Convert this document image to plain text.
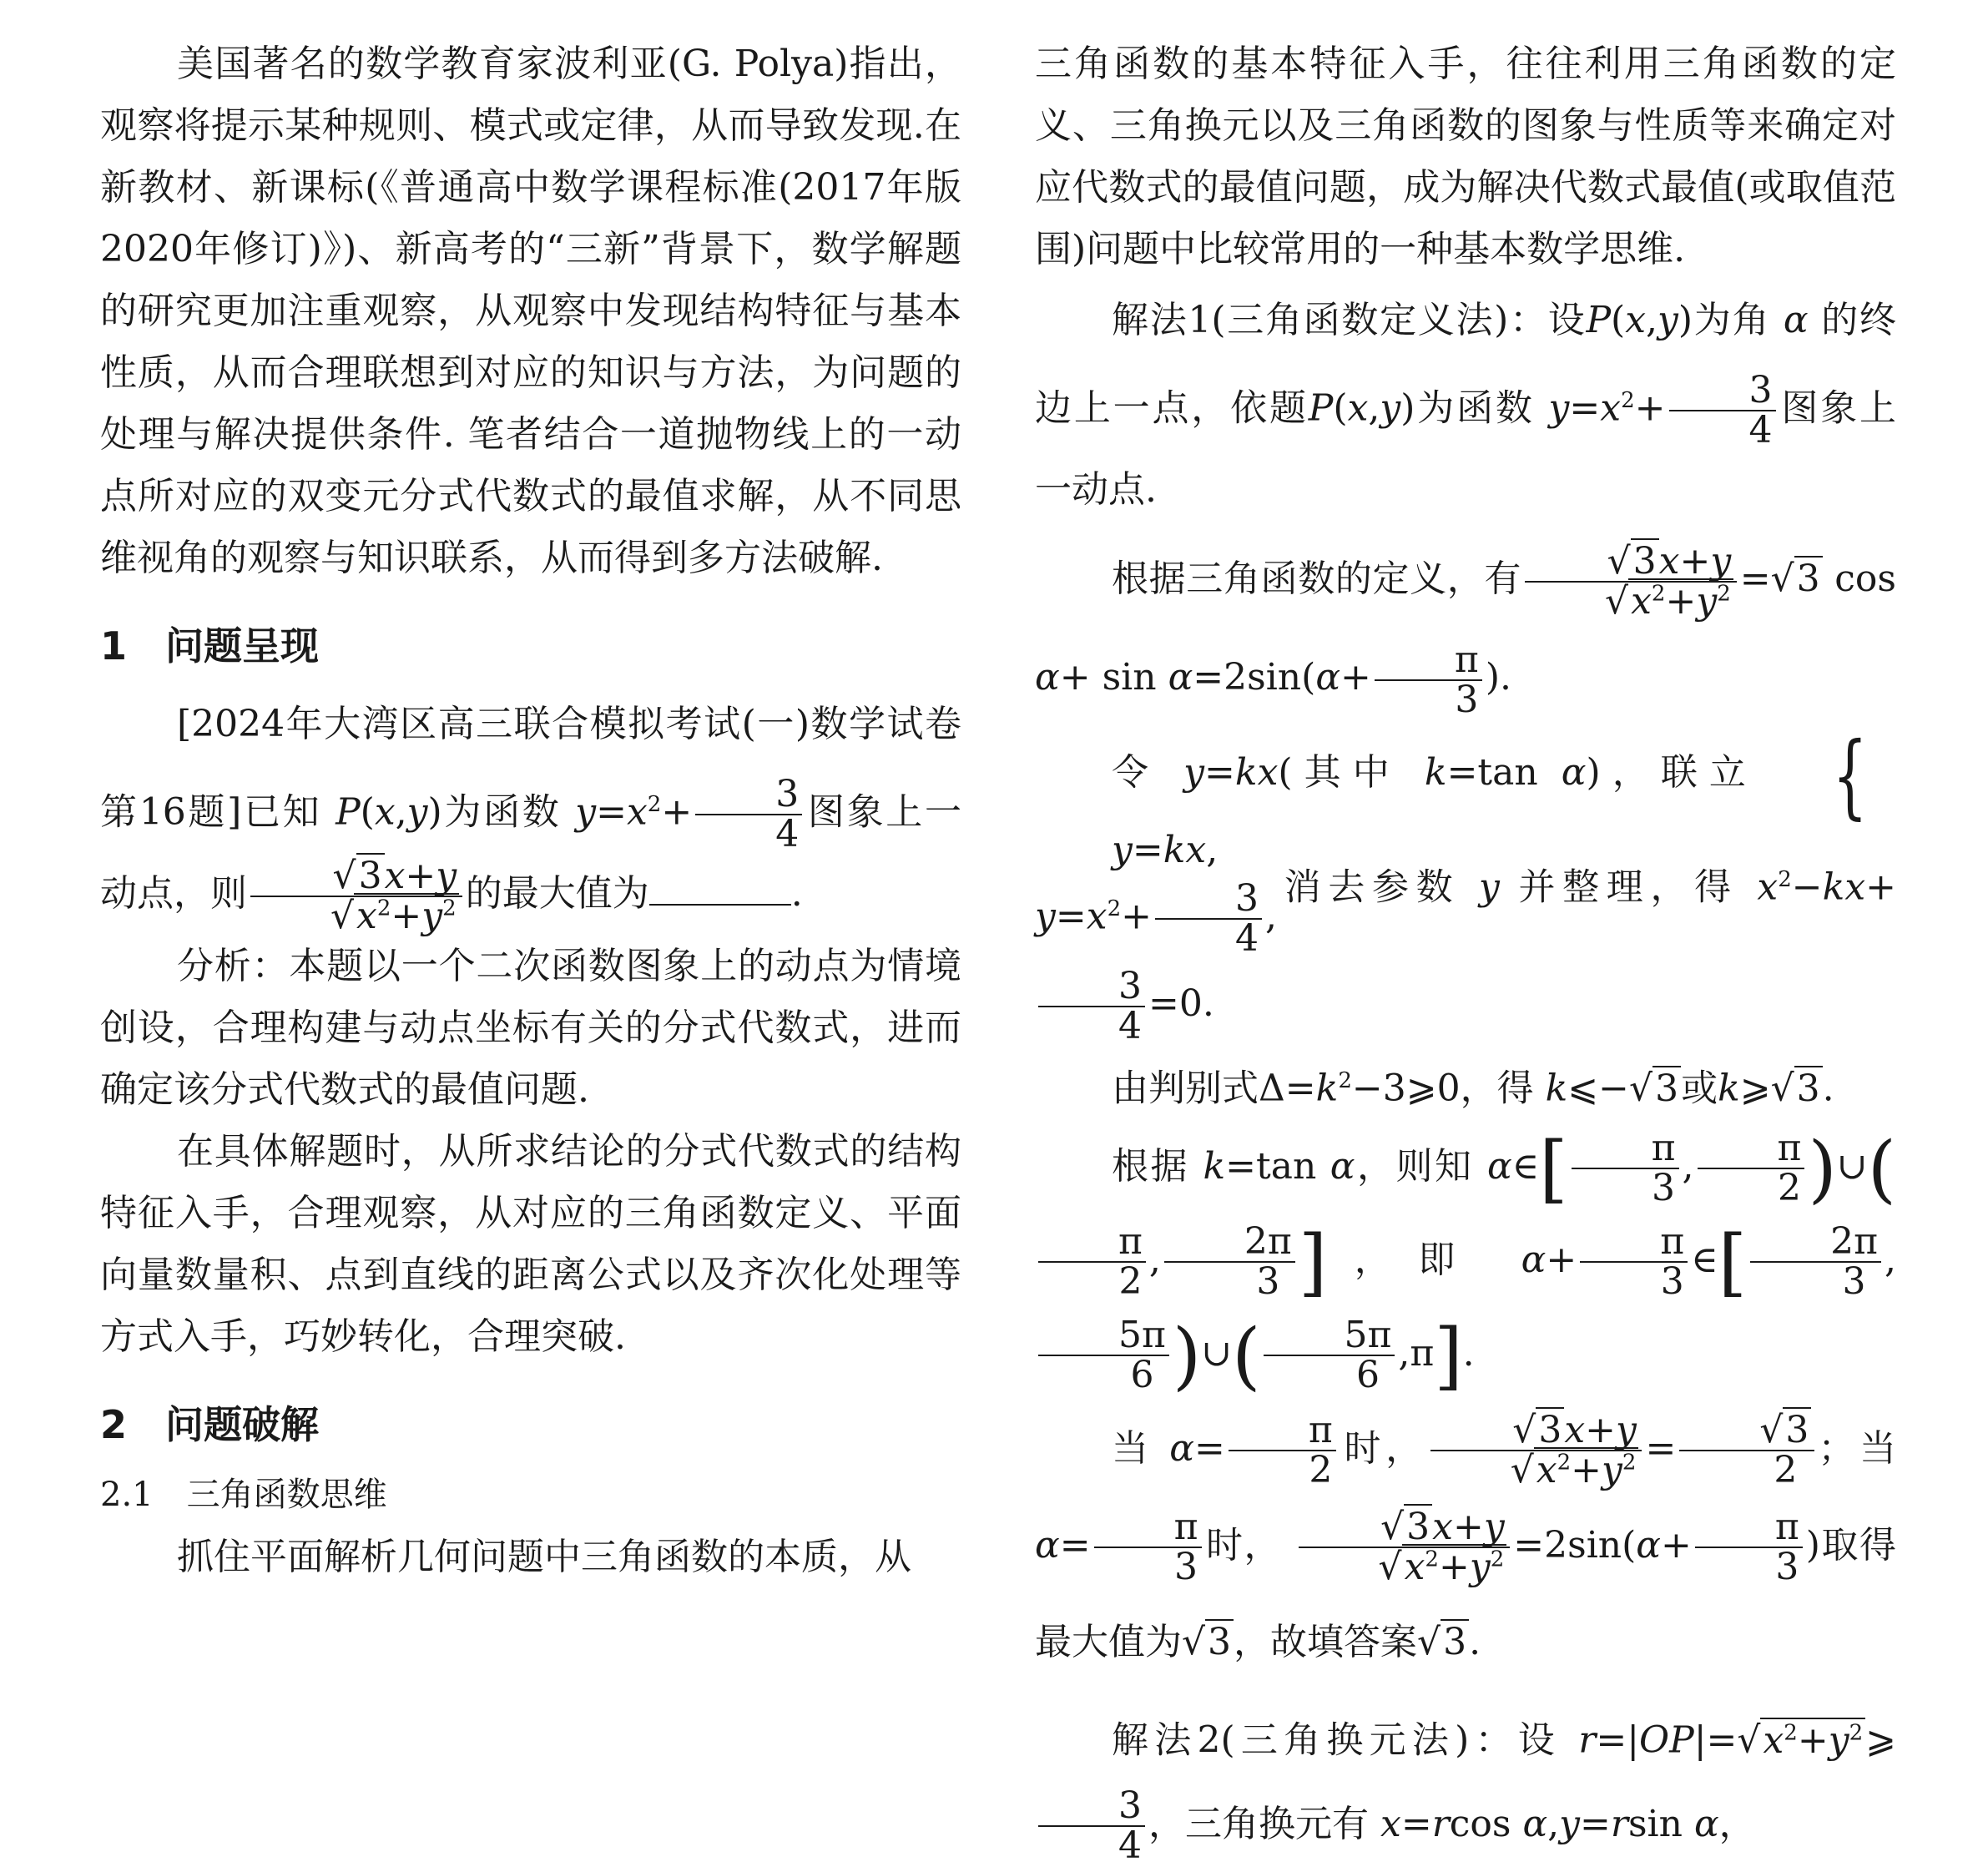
美国著名的数学教育家波利亚(G. Polya)指出，观察将提示某种规则、模式或定律，从而导致发现.在新教材、新课标(《普通高中数学课程标准(2017年版2020年修订)》)、新高考的“三新”背景下，数学解题的研究更加注重观察，从观察中发现结构特征与基本性质，从而合理联想到对应的知识与方法，为问题的处理与解决提供条件. 笔者结合一道抛物线上的一动点所对应的双变元分式代数式的最值求解，从不同思维视角的观察与知识联系，从而得到多方法破解.

1　问题呈现

[2024年大湾区高三联合模拟考试(一)数学试卷第16题]已知 P(x,y)为函数 $y=x^2+ \frac{3}{4}$ 图象上一动点，则 $\frac{√3x+y}{√x^2+y^2}$ 的最大值为	.

分析：本题以一个二次函数图象上的动点为情境创设，合理构建与动点坐标有关的分式代数式，进而确定该分式代数式的最值问题.

在具体解题时，从所求结论的分式代数式的结构特征入手，合理观察，从对应的三角函数定义、平面向量数量积、点到直线的距离公式以及齐次化处理等方式入手，巧妙转化，合理突破.

2　问题破解
2.1　三角函数思维

抓住平面解析几何问题中三角函数的本质，从

三角函数的基本特征入手，往往利用三角函数的定义、三角换元以及三角函数的图象与性质等来确定对应代数式的最值问题，成为解决代数式最值(或取值范围)问题中比较常用的一种基本数学思维.

解法1(三角函数定义法)：设P(x,y)为角 α 的终边上一点，依题P(x,y)为函数 $y=x^2+ \frac{3}{4}$ 图象上一动点.

根据三角函数的定义，有 $\frac{√3x+y}{√x^2+y^2} =√3$ $\cos \alpha+ \sin \alpha=2\sin(\alpha+ \frac{\pi}{3}$ ).

令 y=kx(其中 k=tan α)，联立 {y=kx,
$y=x^2+ \frac{3}{4}$ ,消去参数 y 并整理，得 $x^2-kx+$
$\frac{3}{4} =0$.

由判别式$\Delta=k^2-3⩾0$，得 k⩽−√3或k⩾√3.

根据 k=tan α，则知 α∈[ $\frac{\pi}{3}$ , $\frac{\pi}{2}$ )∪(
$\frac{\pi}{2}$ , $\frac{2\pi}{3}$ ]，即 $\alpha+ \frac{\pi}{3}$ ∈[ $\frac{2\pi}{3}$ ,
$\frac{5\pi}{6}$ )∪( $\frac{5\pi}{6} ,\pi$].

当 $\alpha= \frac{\pi}{2}$ 时， $\frac{√3x+y}{√x^2+y^2} = \frac{√3}{2}$ ；当 $\alpha= \frac{\pi}{3}$ 时， $\frac{√3x+y}{√x^2+y^2} =2\sin(\alpha+ \frac{\pi}{3}$ )取得最大值为√3，故填答案√3.

解法2(三角换元法)：设 $r=|OP|=√x^2+y^2⩾$
$\frac{3}{4}$ ，三角换元有 x=rcos α,y=rsin α，
